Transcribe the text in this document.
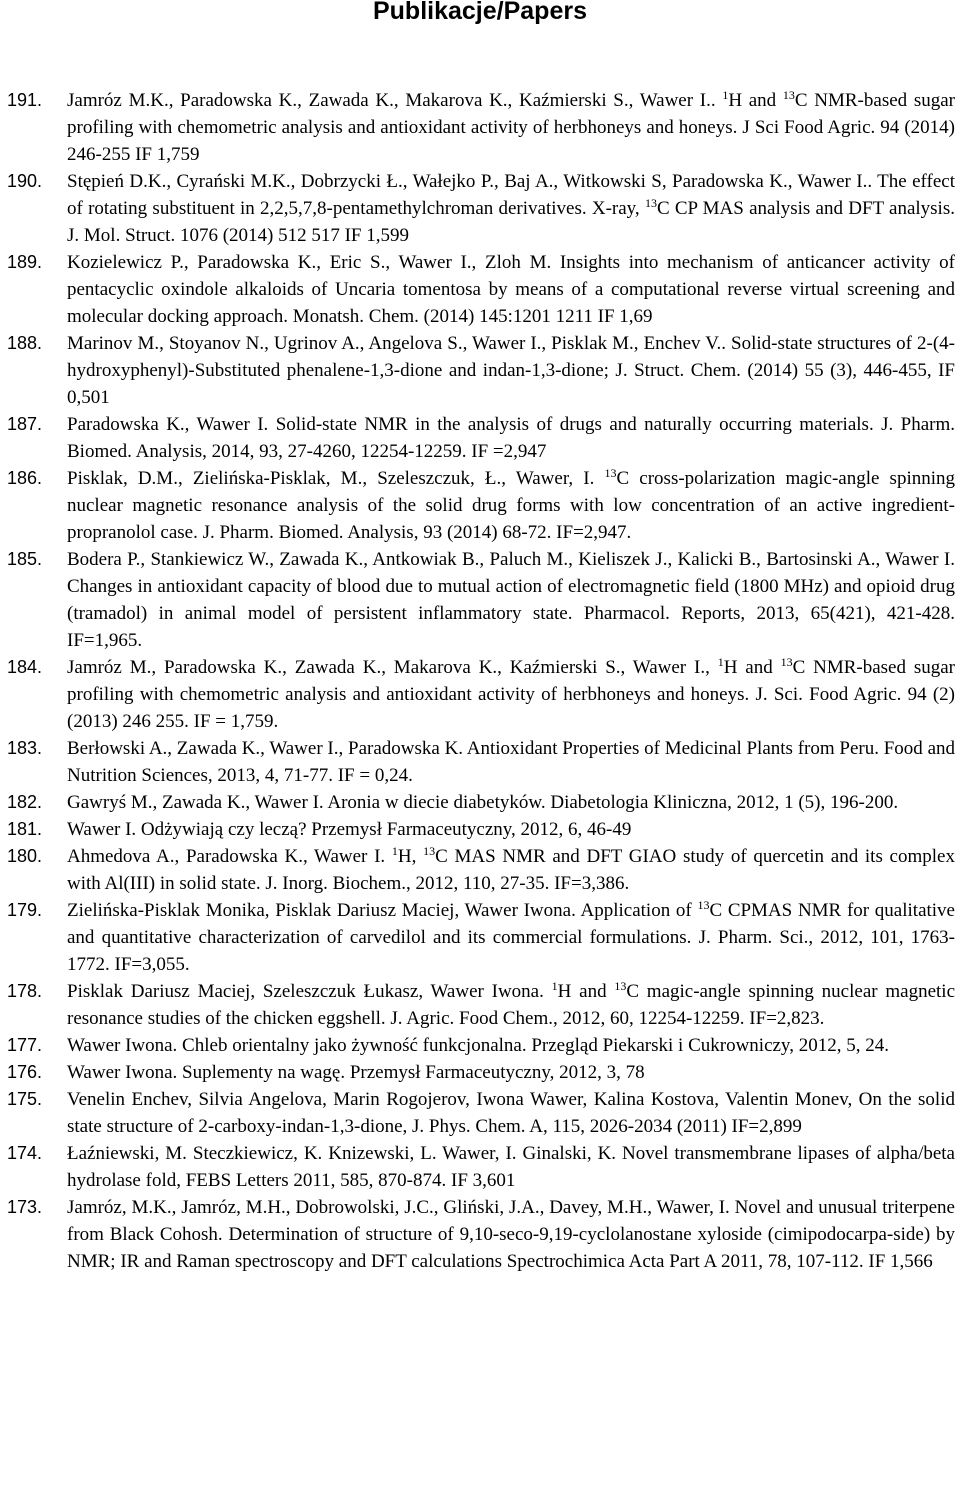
Publikacje/Papers
191.	Jamróz M.K., Paradowska K., Zawada K., Makarova K., Kaźmierski S., Wawer I.. $^1$H and $^{13}$C NMR-based sugar profiling with chemometric analysis and antioxidant activity of herbhoneys and honeys. J Sci Food Agric. 94 (2014) 246-255 IF 1,759
190.	Stępień D.K., Cyrański M.K., Dobrzycki Ł., Wałejko P., Baj A., Witkowski S, Paradowska K., Wawer I.. The effect of rotating substituent in 2,2,5,7,8-pentamethylchroman derivatives. X-ray, $^{13}$C CP MAS analysis and DFT analysis. J. Mol. Struct. 1076 (2014) 512 517 IF 1,599
189.	Kozielewicz P., Paradowska K., Eric S., Wawer I., Zloh M. Insights into mechanism of anticancer activity of pentacyclic oxindole alkaloids of Uncaria tomentosa by means of a computational reverse virtual screening and molecular docking approach. Monatsh. Chem. (2014) 145:1201 1211 IF 1,69
188.	Marinov M., Stoyanov N., Ugrinov A., Angelova S., Wawer I., Pisklak M., Enchev V.. Solid-state structures of 2-(4-hydroxyphenyl)-Substituted phenalene-1,3-dione and indan-1,3-dione; J. Struct. Chem. (2014) 55 (3), 446-455, IF 0,501
187.	Paradowska K., Wawer I. Solid-state NMR in the analysis of drugs and naturally occurring materials. J. Pharm. Biomed. Analysis, 2014, 93, 27-4260, 12254-12259. IF =2,947
186.	Pisklak, D.M., Zielińska-Pisklak, M., Szeleszczuk, Ł., Wawer, I. $^{13}$C cross-polarization magic-angle spinning nuclear magnetic resonance analysis of the solid drug forms with low concentration of an active ingredient-propranolol case. J. Pharm. Biomed. Analysis, 93 (2014) 68-72. IF=2,947.
185.	Bodera P., Stankiewicz W., Zawada K., Antkowiak B., Paluch M., Kieliszek J., Kalicki B., Bartosinski A., Wawer I. Changes in antioxidant capacity of blood due to mutual action of electromagnetic field (1800 MHz) and opioid drug (tramadol) in animal model of persistent inflammatory state. Pharmacol. Reports, 2013, 65(421), 421-428. IF=1,965.
184.	Jamróz M., Paradowska K., Zawada K., Makarova K., Kaźmierski S., Wawer I., $^1$H and $^{13}$C NMR-based sugar profiling with chemometric analysis and antioxidant activity of herbhoneys and honeys. J. Sci. Food Agric. 94 (2) (2013) 246 255. IF = 1,759.
183.	Berłowski A., Zawada K., Wawer I., Paradowska K. Antioxidant Properties of Medicinal Plants from Peru. Food and Nutrition Sciences, 2013, 4, 71-77. IF = 0,24.
182.	Gawryś M., Zawada K., Wawer I. Aronia w diecie diabetyków. Diabetologia Kliniczna, 2012, 1 (5), 196-200.
181.	Wawer I. Odżywiają czy leczą? Przemysł Farmaceutyczny, 2012, 6, 46-49
180.	Ahmedova A., Paradowska K., Wawer I. $^1$H, $^{13}$C MAS NMR and DFT GIAO study of quercetin and its complex with Al(III) in solid state. J. Inorg. Biochem., 2012, 110, 27-35. IF=3,386.
179.	Zielińska-Pisklak Monika, Pisklak Dariusz Maciej, Wawer Iwona. Application of $^{13}$C CPMAS NMR for qualitative and quantitative characterization of carvedilol and its commercial formulations. J. Pharm. Sci., 2012, 101, 1763-1772. IF=3,055.
178.	Pisklak Dariusz Maciej, Szeleszczuk Łukasz, Wawer Iwona. $^1$H and $^{13}$C magic-angle spinning nuclear magnetic resonance studies of the chicken eggshell. J. Agric. Food Chem., 2012, 60, 12254-12259. IF=2,823.
177.	Wawer Iwona. Chleb orientalny jako żywność funkcjonalna. Przegląd Piekarski i Cukrowniczy, 2012, 5, 24.
176.	Wawer Iwona. Suplementy na wagę. Przemysł Farmaceutyczny, 2012, 3, 78
175.	Venelin Enchev, Silvia Angelova, Marin Rogojerov, Iwona Wawer, Kalina Kostova, Valentin Monev, On the solid state structure of 2-carboxy-indan-1,3-dione, J. Phys. Chem. A, 115, 2026-2034 (2011) IF=2,899
174.	Łaźniewski, M. Steczkiewicz, K. Knizewski, L. Wawer, I. Ginalski, K. Novel transmembrane lipases of alpha/beta hydrolase fold, FEBS Letters 2011, 585, 870-874. IF 3,601
173.	Jamróz, M.K., Jamróz, M.H., Dobrowolski, J.C., Gliński, J.A., Davey, M.H., Wawer, I. Novel and unusual triterpene from Black Cohosh. Determination of structure of 9,10-seco-9,19-cyclolanostane xyloside (cimipodocarpa-side) by NMR; IR and Raman spectroscopy and DFT calculations Spectrochimica Acta Part A 2011, 78, 107-112. IF 1,566
